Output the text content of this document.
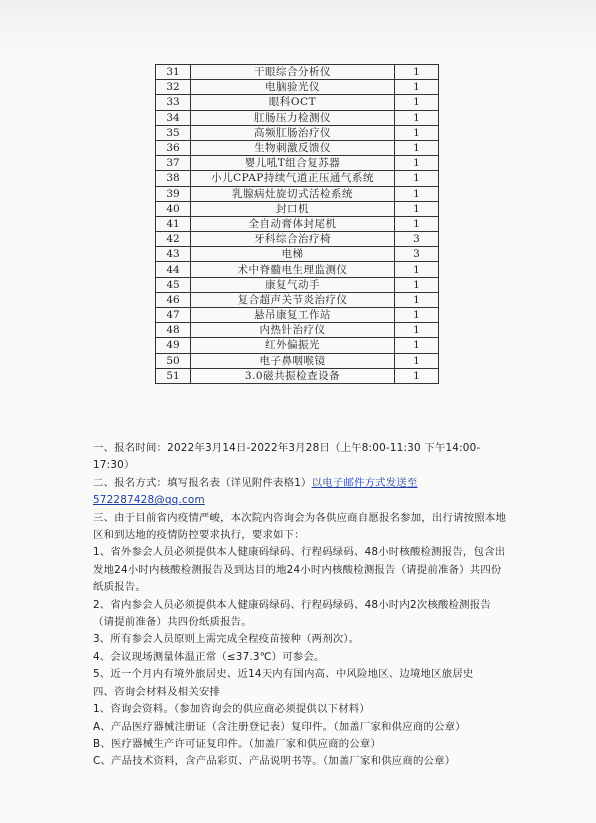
31	干眼综合分析仪	1
32	电脑验光仪	1
33	眼科OCT	1
34	肛肠压力检测仪	1
35	高频肛肠治疗仪	1
36	生物刺激反馈仪	1
37	婴儿吼T组合复苏器	1
38	小儿CPAP持续气道正压通气系统	1
39	乳腺病灶旋切式活检系统	1
40	封口机	1
41	全自动膏体封尾机	1
42	牙科综合治疗椅	3
43	电梯	3
44	术中脊髓电生理监测仪	1
45	康复气动手	1
46	复合超声关节炎治疗仪	1
47	悬吊康复工作站	1
48	内热针治疗仪	1
49	红外偏振光	1
50	电子鼻咽喉镜	1
51	3.0磁共振检查设备	1

一、报名时间：2022年3月14日-2022年3月28日（上午8:00-11:30 下午14:00-17:30）

二、报名方式：填写报名表（详见附件表格1）以电子邮件方式发送至572287428@qq.com

三、由于目前省内疫情严峻，本次院内咨询会为各供应商自愿报名参加，出行请按照本地区和到达地的疫情防控要求执行，要求如下：

1、省外参会人员必须提供本人健康码绿码、行程码绿码、48小时核酸检测报告，包含出发地24小时内核酸检测报告及到达目的地24小时内核酸检测报告（请提前准备）共四份纸质报告。

2、省内参会人员必须提供本人健康码绿码、行程码绿码、48小时内2次核酸检测报告（请提前准备）共四份纸质报告。

3、所有参会人员原则上需完成全程疫苗接种（两剂次）。

4、会议现场测量体温正常（≤37.3℃）可参会。

5、近一个月内有境外旅居史、近14天内有国内高、中风险地区、边境地区旅居史

四、咨询会材料及相关安排

1、咨询会资料。（参加咨询会的供应商必须提供以下材料）

A、产品医疗器械注册证（含注册登记表）复印件。（加盖厂家和供应商的公章）

B、医疗器械生产许可证复印件。（加盖厂家和供应商的公章）

C、产品技术资料，含产品彩页、产品说明书等。（加盖厂家和供应商的公章）
